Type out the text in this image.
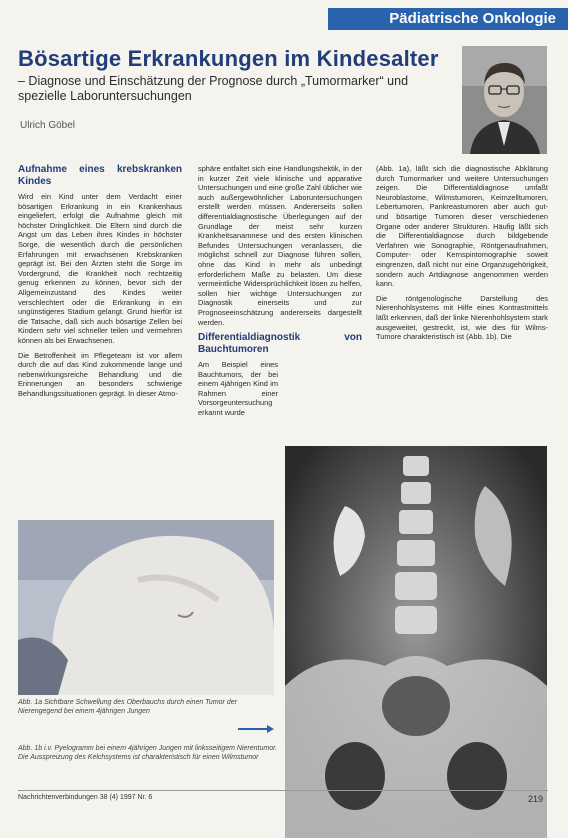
Pädiatrische Onkologie
Bösartige Erkrankungen im Kindesalter
– Diagnose und Einschätzung der Prognose durch „Tumormarker“ und spezielle Laboruntersuchungen
Ulrich Göbel
Aufnahme eines krebskranken Kindes

Wird ein Kind unter dem Verdacht einer bösartigen Erkrankung in ein Krankenhaus eingeliefert, erfolgt die Aufnahme gleich mit höchster Dringlichkeit. Die Eltern sind durch die Angst um das Leben ihres Kindes in höchster Sorge, die wesentlich durch die persönlichen Erfahrungen mit erwachsenen Krebskranken geprägt ist. Bei den Ärzten steht die Sorge im Vordergrund, die Krankheit noch rechtzeitig genug erkennen zu können, bevor sich der Allgemeinzustand des Kindes weiter verschlechtert oder die Erkrankung in ein ungünstigeres Stadium gelangt. Grund hierfür ist die Tatsache, daß sich auch bösartige Zellen bei Kindern sehr viel schneller teilen und vermehren können als bei Erwachsenen.

Die Betroffenheit im Pflegeteam ist vor allem durch die auf das Kind zukommende lange und nebenwirkungsreiche Behandlung und die Erinnerungen an besonders schwierige Behandlungssituationen geprägt. In dieser Atmo-

sphäre entfaltet sich eine Handlungshektik, in der in kurzer Zeit viele klinische und apparative Untersuchungen und eine große Zahl üblicher wie auch außergewöhnlicher Laboruntersuchungen erstellt werden müssen. Andererseits sollen differentialdiagnostische Überlegungen auf der Grundlage der meist sehr kurzen Krankheitsanamnese und des ersten klinischen Befundes Untersuchungen veranlassen, die möglichst schnell zur Diagnose führen sollen, ohne das Kind in mehr als unbedingt erforderlichem Maße zu belasten. Um diese vermeintliche Widersprüchlichkeit lösen zu helfen, sollen hier wichtige Untersuchungen zur Diagnostik einerseits und zur Prognoseeinschätzung andererseits dargestellt werden.

Differentialdiagnostik von Bauchtumoren

Am Beispiel eines Bauchtumors, der bei einem 4jährigen Kind im Rahmen einer Vorsorgeuntersuchung erkannt wurde

(Abb. 1a), läßt sich die diagnostische Abklärung durch Tumormarker und weitere Untersuchungen zeigen. Die Differentialdiagnose umfaßt Neuroblastome, Wilmstumoren, Keimzelltumoren, Lebertumoren, Pankreastumoren aber auch gut- und bösartige Tumoren dieser verschiedenen Organe oder anderer Strukturen. Häufig läßt sich die Differentialdiagnose durch bildgebende Verfahren wie Sonographie, Röntgenaufnahmen, Computer- oder Kernspintomographie soweit eingrenzen, daß nicht nur eine Organzugehörigkeit, sondern auch Artdiagnose angenommen werden kann.

Die röntgenologische Darstellung des Nierenhohlsystems mit Hilfe eines Kontrastmittels läßt erkennen, daß der linke Nierenhohlsystem stark ausgeweitet, gestreckt, ist, wie dies für Wilms-Tumore charakteristisch ist (Abb. 1b). Die

Abb. 1a Sichtbare Schwellung des Oberbauchs durch einen Tumor der Nierengegend bei einem 4jährigen Jungen
Abb. 1b i.v. Pyelogramm bei einem 4jährigen Jungen mit linksseitigem Nierentumor. Die Ausspreizung des Kelchsystems ist charakteristisch für einen Wilmstumor
Nachrichtenverbindungen 38 (4) 1997 Nr. 6	219
